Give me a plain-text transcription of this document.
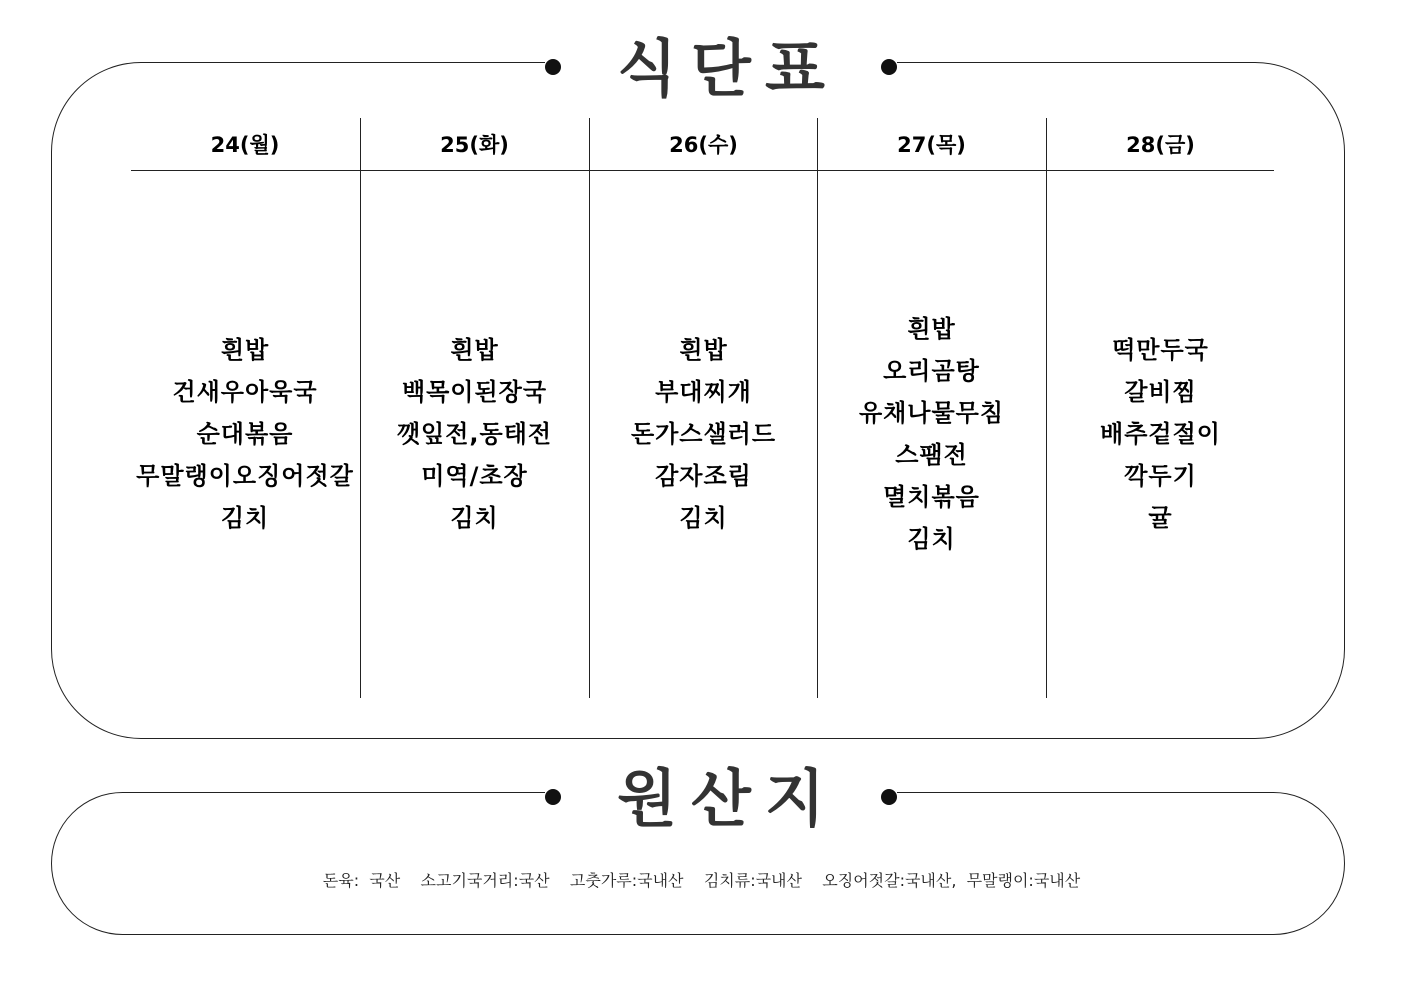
식단표
24(월)
흰밥
건새우아욱국
순대볶음
무말랭이오징어젓갈
김치
25(화)
흰밥
백목이된장국
깻잎전,동태전
미역/초장
김치
26(수)
흰밥
부대찌개
돈가스샐러드
감자조림
김치
27(목)
흰밥
오리곰탕
유채나물무침
스팸전
멸치볶음
김치
28(금)
떡만두국
갈비찜
배추겉절이
깍두기
귤
원산지
돈육:  국산    소고기국거리:국산    고춧가루:국내산    김치류:국내산    오징어젓갈:국내산,  무말랭이:국내산
